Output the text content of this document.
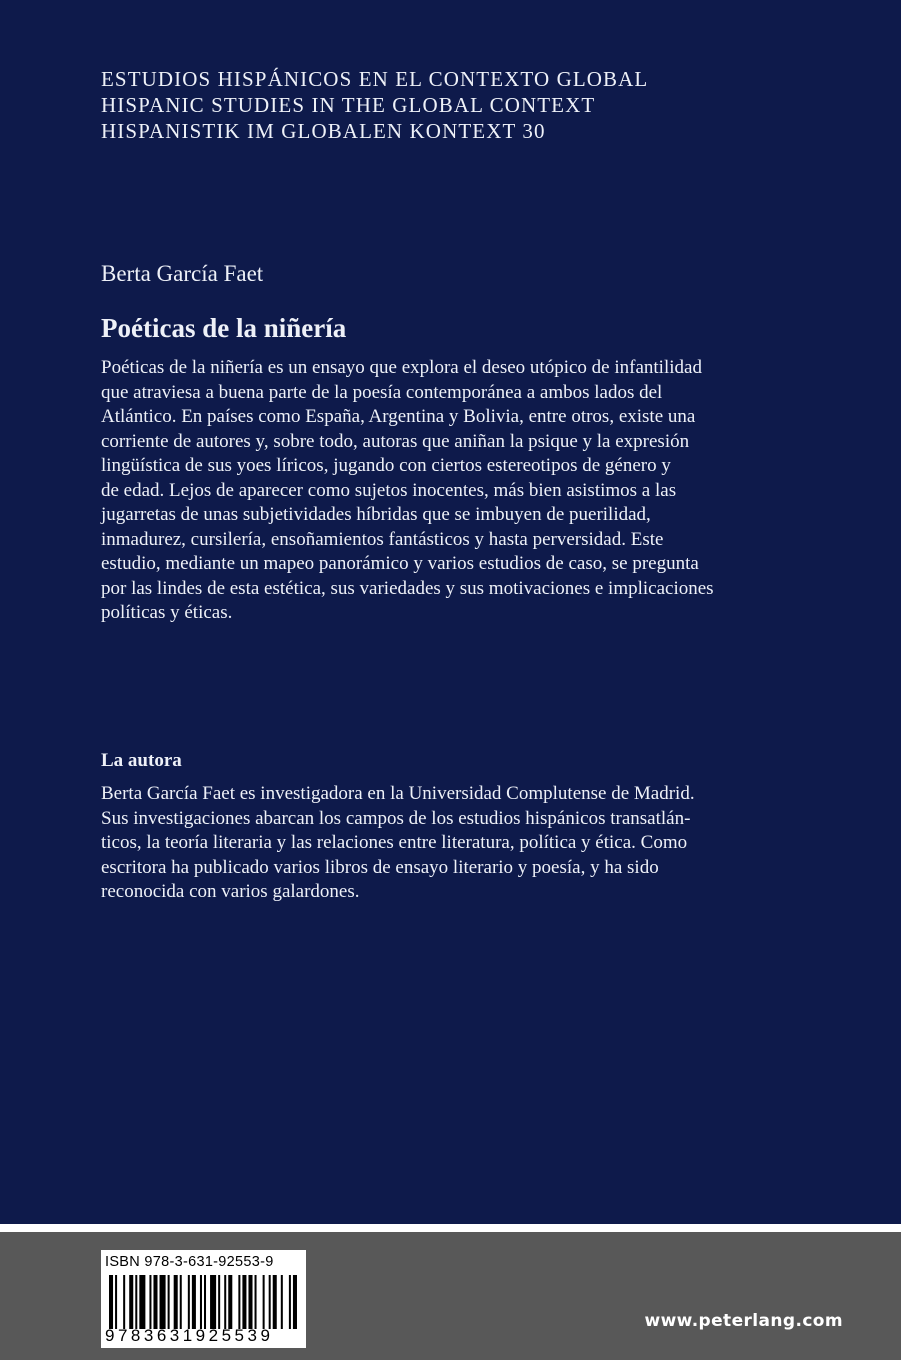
ESTUDIOS HISPÁNICOS EN EL CONTEXTO GLOBAL
HISPANIC STUDIES IN THE GLOBAL CONTEXT
HISPANISTIK IM GLOBALEN KONTEXT 30
Berta García Faet
Poéticas de la niñería
Poéticas de la niñería es un ensayo que explora el deseo utópico de infantilidad
que atraviesa a buena parte de la poesía contemporánea a ambos lados del
Atlántico. En países como España, Argentina y Bolivia, entre otros, existe una
corriente de autores y, sobre todo, autoras que aniñan la psique y la expresión
lingüística de sus yoes líricos, jugando con ciertos estereotipos de género y
de edad. Lejos de aparecer como sujetos inocentes, más bien asistimos a las
jugarretas de unas subjetividades híbridas que se imbuyen de puerilidad,
inmadurez, cursilería, ensoñamientos fantásticos y hasta perversidad. Este
estudio, mediante un mapeo panorámico y varios estudios de caso, se pregunta
por las lindes de esta estética, sus variedades y sus motivaciones e implicaciones
políticas y éticas.
La autora
Berta García Faet es investigadora en la Universidad Complutense de Madrid.
Sus investigaciones abarcan los campos de los estudios hispánicos transatlán-
ticos, la teoría literaria y las relaciones entre literatura, política y ética. Como
escritora ha publicado varios libros de ensayo literario y poesía, y ha sido
reconocida con varios galardones.
ISBN 978-3-631-92553-9
9783631925539
www.peterlang.com
